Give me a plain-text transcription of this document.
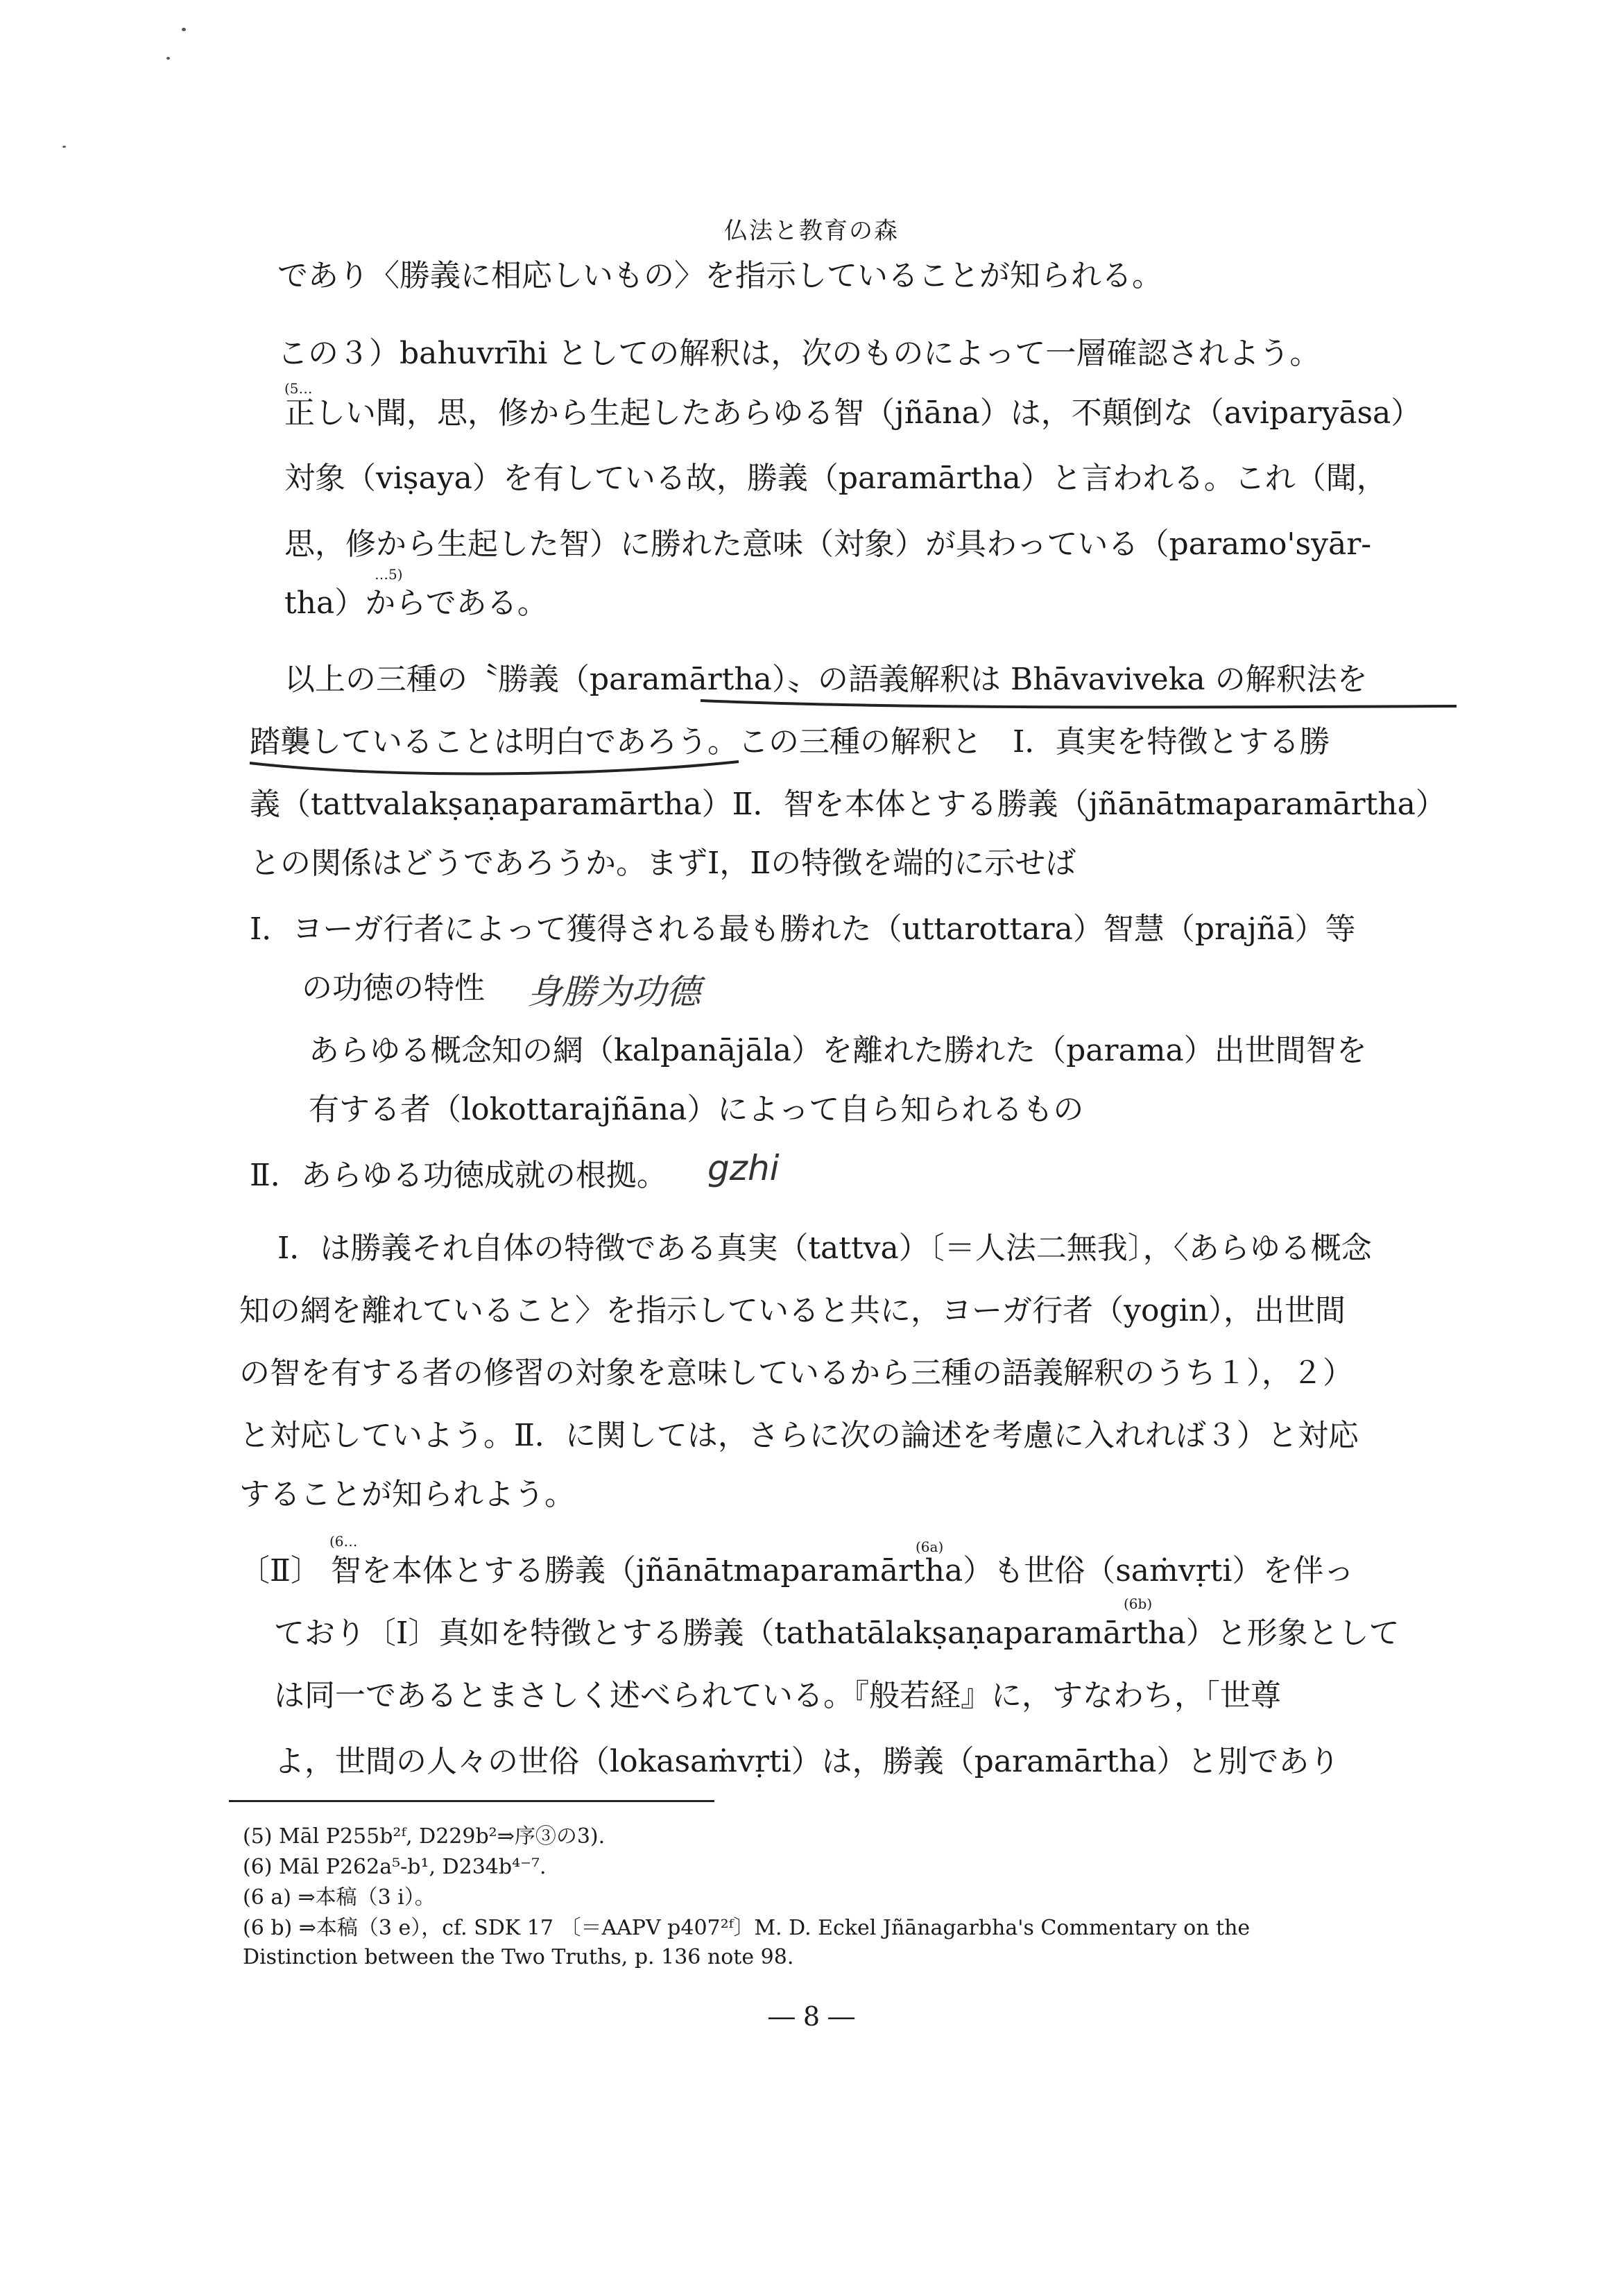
仏法と教育の森
であり〈勝義に相応しいもの〉を指示していることが知られる。
この３）bahuvrīhi としての解釈は，次のものによって一層確認されよう。
(5…
正しい聞，思，修から生起したあらゆる智（jñāna）は，不顛倒な（aviparyāsa）
対象（viṣaya）を有している故，勝義（paramārtha）と言われる。これ（聞，
思，修から生起した智）に勝れた意味（対象）が具わっている（paramo'syār-
…5)
tha）からである。
以上の三種の〝勝義（paramārtha）〟の語義解釈は Bhāvaviveka の解釈法を
踏襲していることは明白であろう。この三種の解釈と　Ⅰ．真実を特徴とする勝
義（tattvalakṣaṇaparamārtha）Ⅱ．智を本体とする勝義（jñānātmaparamārtha）
との関係はどうであろうか。まずⅠ，Ⅱの特徴を端的に示せば
Ⅰ．ヨーガ行者によって獲得される最も勝れた（uttarottara）智慧（prajñā）等
の功徳の特性 身勝为功德
あらゆる概念知の網（kalpanājāla）を離れた勝れた（parama）出世間智を
有する者（lokottarajñāna）によって自ら知られるもの
Ⅱ．あらゆる功徳成就の根拠。 gzhi
Ⅰ．は勝義それ自体の特徴である真実（tattva）〔＝人法二無我〕，〈あらゆる概念
知の網を離れていること〉を指示していると共に，ヨーガ行者（yogin），出世間
の智を有する者の修習の対象を意味しているから三種の語義解釈のうち１），２）
と対応していよう。Ⅱ．に関しては，さらに次の論述を考慮に入れれば３）と対応
することが知られよう。
(6…	(6a)
〔Ⅱ〕 智を本体とする勝義（jñānātmaparamārtha）も世俗（saṁvṛti）を伴っ
(6b)
ており〔Ⅰ〕真如を特徴とする勝義（tathatālakṣaṇaparamārtha）と形象として
は同一であるとまさしく述べられている。『般若経』に，すなわち，「世尊
よ，世間の人々の世俗（lokasaṁvṛti）は，勝義（paramārtha）と別であり
(5) Māl P255b²ᶠ, D229b²⇒序③の3).
(6) Māl P262a⁵-b¹, D234b⁴⁻⁷.
(6 a) ⇒本稿（3 i）。
(6 b) ⇒本稿（3 e），cf. SDK 17 〔＝AAPV p407²ᶠ〕M. D. Eckel Jñānagarbha's Commentary on the
Distinction between the Two Truths, p. 136 note 98.
― 8 ―
